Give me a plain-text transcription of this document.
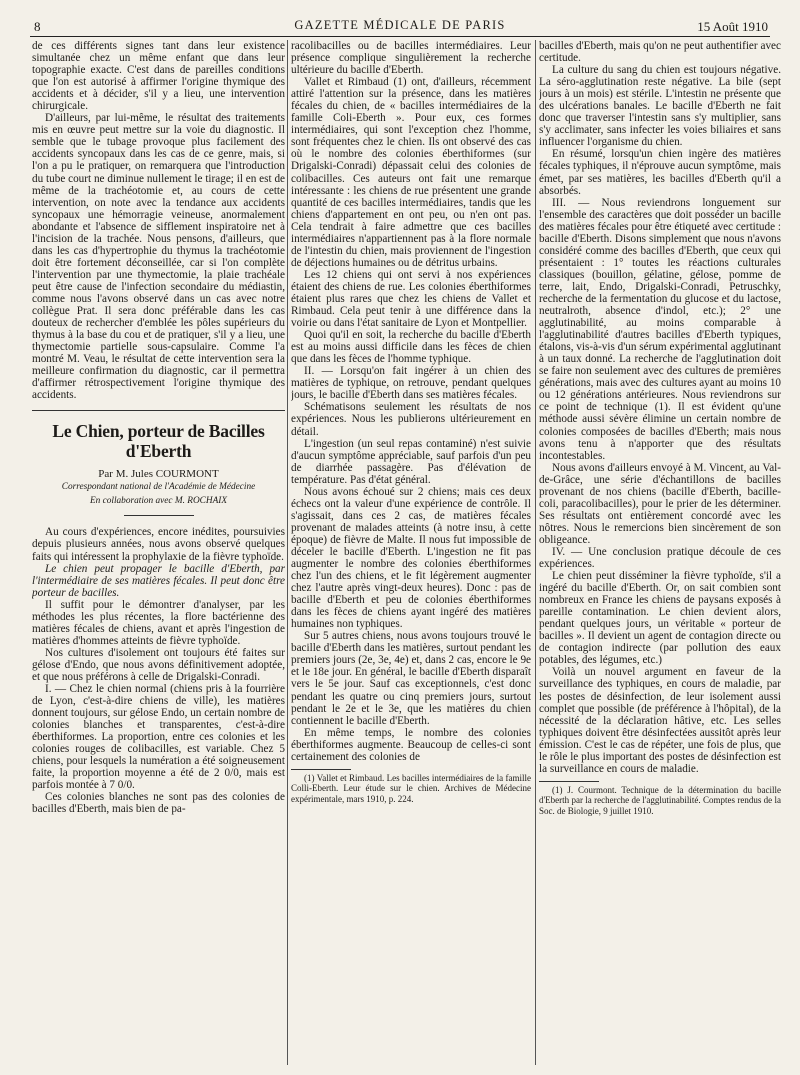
8	GAZETTE MÉDICALE DE PARIS	15 Août 1910

de ces différents signes tant dans leur existence simultanée chez un même enfant que dans leur topographie exacte. C'est dans de pareilles conditions que l'on est autorisé à affirmer l'origine thymique des accidents et à décider, s'il y a lieu, une intervention chirurgicale.

D'ailleurs, par lui-même, le résultat des traitements mis en œuvre peut mettre sur la voie du diagnostic. Il semble que le tubage provoque plus facilement des accidents syncopaux dans les cas de ce genre, mais, si l'on a pu le pratiquer, on remarquera que l'introduction du tube court ne diminue nullement le tirage; il en est de même de la trachéotomie et, au cours de cette intervention, on note avec la tendance aux accidents syncopaux une hémorragie veineuse, anormalement abondante et l'absence de sifflement inspiratoire net à l'incision de la trachée. Nous pensons, d'ailleurs, que dans les cas d'hypertrophie du thymus la trachéotomie doit être fortement déconseillée, car si l'on complète l'intervention par une thymectomie, la plaie trachéale peut être cause de l'infection secondaire du médiastin, comme nous l'avons observé dans un cas avec notre collègue Prat. Il sera donc préférable dans les cas douteux de rechercher d'emblée les pôles supérieurs du thymus à la base du cou et de pratiquer, s'il y a lieu, une thymectomie partielle sous-capsulaire. Comme l'a montré M. Veau, le résultat de cette intervention sera la meilleure confirmation du diagnostic, car il permettra d'affirmer rétrospectivement l'origine thymique des accidents.

Le Chien, porteur de Bacilles d'Eberth

Par M. Jules COURMONT

Correspondant national de l'Académie de Médecine

En collaboration avec M. ROCHAIX

Au cours d'expériences, encore inédites, poursuivies depuis plusieurs années, nous avons observé quelques faits qui intéressent la prophylaxie de la fièvre typhoïde.

Le chien peut propager le bacille d'Eberth, par l'intermédiaire de ses matières fécales. Il peut donc être porteur de bacilles.

Il suffit pour le démontrer d'analyser, par les méthodes les plus récentes, la flore bactérienne des matières fécales de chiens, avant et après l'ingestion de matières d'hommes atteints de fièvre typhoïde.

Nos cultures d'isolement ont toujours été faites sur gélose d'Endo, que nous avons définitivement adoptée, et que nous préférons à celle de Drigalski-Conradi.

I. — Chez le chien normal (chiens pris à la fourrière de Lyon, c'est-à-dire chiens de ville), les matières donnent toujours, sur gélose Endo, un certain nombre de colonies blanches et transparentes, c'est-à-dire éberthiformes. La proportion, entre ces colonies et les colonies rouges de colibacilles, est variable. Chez 5 chiens, pour lesquels la numération a été soigneusement faite, la proportion moyenne a été de 2 0/0, mais est parfois montée à 7 0/0.

Ces colonies blanches ne sont pas des colonies de bacilles d'Eberth, mais bien de pa-

racolibacilles ou de bacilles intermédiaires. Leur présence complique singulièrement la recherche ultérieure du bacille d'Eberth.

Vallet et Rimbaud (1) ont, d'ailleurs, récemment attiré l'attention sur la présence, dans les matières fécales du chien, de « bacilles intermédiaires de la famille Coli-Eberth ». Pour eux, ces formes intermédiaires, qui sont l'exception chez l'homme, sont fréquentes chez le chien. Ils ont observé des cas où le nombre des colonies éberthiformes (sur Drigalski-Conradi) dépassait celui des colonies de colibacilles. Ces auteurs ont fait une remarque intéressante : les chiens de rue présentent une grande quantité de ces bacilles intermédiaires, tandis que les chiens d'appartement en ont peu, ou n'en ont pas. Cela tendrait à faire admettre que ces bacilles intermédiaires n'appartiennent pas à la flore normale de l'intestin du chien, mais proviennent de l'ingestion de déjections humaines ou de détritus urbains.

Les 12 chiens qui ont servi à nos expériences étaient des chiens de rue. Les colonies éberthiformes étaient plus rares que chez les chiens de Vallet et Rimbaud. Cela peut tenir à une différence dans la voirie ou dans l'état sanitaire de Lyon et Montpellier.

Quoi qu'il en soit, la recherche du bacille d'Eberth est au moins aussi difficile dans les fèces de chien que dans les fèces de l'homme typhique.

II. — Lorsqu'on fait ingérer à un chien des matières de typhique, on retrouve, pendant quelques jours, le bacille d'Eberth dans ses matières fécales.

Schématisons seulement les résultats de nos expériences. Nous les publierons ultérieurement en détail.

L'ingestion (un seul repas contaminé) n'est suivie d'aucun symptôme appréciable, sauf parfois d'un peu de diarrhée passagère. Pas d'élévation de température. Pas d'état général.

Nous avons échoué sur 2 chiens; mais ces deux échecs ont la valeur d'une expérience de contrôle. Il s'agissait, dans ces 2 cas, de matières fécales provenant de malades atteints (à notre insu, à cette époque) de fièvre de Malte. Il nous fut impossible de déceler le bacille d'Eberth. L'ingestion ne fit pas augmenter le nombre des colonies éberthiformes chez l'un des chiens, et le fit légèrement augmenter chez l'autre après vingt-deux heures). Donc : pas de bacille d'Eberth et peu de colonies éberthiformes dans les fèces de chiens ayant ingéré des matières humaines non typhiques.

Sur 5 autres chiens, nous avons toujours trouvé le bacille d'Eberth dans les matières, surtout pendant les premiers jours (2e, 3e, 4e) et, dans 2 cas, encore le 9e et le 18e jour. En général, le bacille d'Eberth disparaît vers le 5e jour. Sauf cas exceptionnels, c'est donc pendant les quatre ou cinq premiers jours, surtout pendant le 2e et le 3e, que les matières du chien contiennent le bacille d'Eberth.

En même temps, le nombre des colonies éberthiformes augmente. Beaucoup de celles-ci sont certainement des colonies de

(1) Vallet et Rimbaud. Les bacilles intermédiaires de la famille Colli-Eberth. Leur étude sur le chien. Archives de Médecine expérimentale, mars 1910, p. 224.

bacilles d'Eberth, mais qu'on ne peut authentifier avec certitude.

La culture du sang du chien est toujours négative. La séro-agglutination reste négative. La bile (sept jours à un mois) est stérile. L'intestin ne présente que des ulcérations banales. Le bacille d'Eberth ne fait donc que traverser l'intestin sans s'y multiplier, sans s'y acclimater, sans infecter les voies biliaires et sans influencer l'organisme du chien.

En résumé, lorsqu'un chien ingère des matières fécales typhiques, il n'éprouve aucun symptôme, mais émet, par ses matières, les bacilles d'Eberth qu'il a absorbés.

III. — Nous reviendrons longuement sur l'ensemble des caractères que doit posséder un bacille des matières fécales pour être étiqueté avec certitude : bacille d'Eberth. Disons simplement que nous n'avons considéré comme des bacilles d'Eberth, que ceux qui présentaient : 1° toutes les réactions culturales classiques (bouillon, gélatine, gélose, pomme de terre, lait, Endo, Drigalski-Conradi, Petruschky, recherche de la fermentation du glucose et du lactose, neutralroth, absence d'indol, etc.); 2° une agglutinabilité, au moins comparable à l'agglutinabilité d'autres bacilles d'Eberth typiques, étalons, vis-à-vis d'un sérum expérimental agglutinant à un taux donné. La recherche de l'agglutination doit se faire non seulement avec des cultures de premières générations, mais avec des cultures ayant au moins 10 ou 12 générations antérieures. Nous reviendrons sur ce point de technique (1). Il est évident qu'une méthode aussi sévère élimine un certain nombre de colonies composées de bacilles d'Eberth; mais nous avons tenu à n'apporter que des résultats incontestables.

Nous avons d'ailleurs envoyé à M. Vincent, au Val-de-Grâce, une série d'échantillons de bacilles provenant de nos chiens (bacille d'Eberth, bacille-coli, paracolibacilles), pour le prier de les déterminer. Ses résultats ont entièrement concordé avec les nôtres. Nous le remercions bien sincèrement de son obligeance.

IV. — Une conclusion pratique découle de ces expériences.

Le chien peut disséminer la fièvre typhoïde, s'il a ingéré du bacille d'Eberth. Or, on sait combien sont nombreux en France les chiens de paysans exposés à pareille contamination. Le chien devient alors, pendant quelques jours, un véritable « porteur de bacilles ». Il devient un agent de contagion directe ou de contagion indirecte (par pollution des eaux potables, des légumes, etc.)

Voilà un nouvel argument en faveur de la surveillance des typhiques, en cours de maladie, par les postes de désinfection, de leur isolement aussi complet que possible (de préférence à l'hôpital), de la nécessité de la déclaration hâtive, etc. Les selles typhiques doivent être désinfectées aussitôt après leur émission. C'est le cas de répéter, une fois de plus, que le rôle le plus important des postes de désinfection est la surveillance en cours de maladie.

(1) J. Courmont. Technique de la détermination du bacille d'Eberth par la recherche de l'agglutinabilité. Comptes rendus de la Soc. de Biologie, 9 juillet 1910.
